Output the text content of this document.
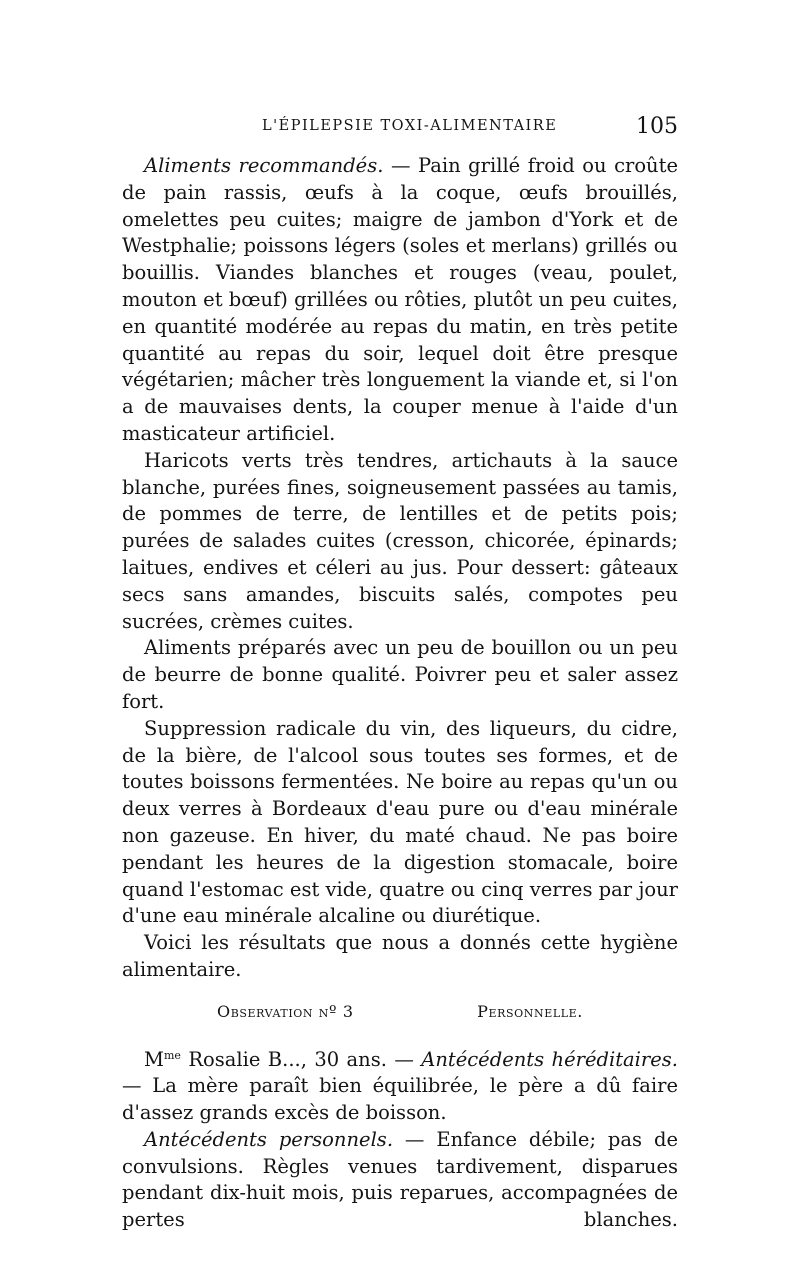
L'ÉPILEPSIE TOXI-ALIMENTAIRE	105

Aliments recommandés. — Pain grillé froid ou croûte de pain rassis, œufs à la coque, œufs brouillés, omelettes peu cuites; maigre de jambon d'York et de Westphalie; poissons légers (soles et merlans) grillés ou bouillis. Viandes blanches et rouges (veau, poulet, mouton et bœuf) grillées ou rôties, plutôt un peu cuites, en quantité modérée au repas du matin, en très petite quantité au repas du soir, lequel doit être presque végétarien; mâcher très longuement la viande et, si l'on a de mauvaises dents, la couper menue à l'aide d'un masticateur artificiel.

Haricots verts très tendres, artichauts à la sauce blanche, purées fines, soigneusement passées au tamis, de pommes de terre, de lentilles et de petits pois; purées de salades cuites (cresson, chicorée, épinards; laitues, endives et céleri au jus. Pour dessert: gâteaux secs sans amandes, biscuits salés, compotes peu sucrées, crèmes cuites.

Aliments préparés avec un peu de bouillon ou un peu de beurre de bonne qualité. Poivrer peu et saler assez fort.

Suppression radicale du vin, des liqueurs, du cidre, de la bière, de l'alcool sous toutes ses formes, et de toutes boissons fermentées. Ne boire au repas qu'un ou deux verres à Bordeaux d'eau pure ou d'eau minérale non gazeuse. En hiver, du maté chaud. Ne pas boire pendant les heures de la digestion stomacale, boire quand l'estomac est vide, quatre ou cinq verres par jour d'une eau minérale alcaline ou diurétique.

Voici les résultats que nous a donnés cette hygiène alimentaire.

Observation nº 3	Personnelle.

$M^{me}$ Rosalie B..., 30 ans. — Antécédents héréditaires. — La mère paraît bien équilibrée, le père a dû faire d'assez grands excès de boisson.

Antécédents personnels. — Enfance débile; pas de convulsions. Règles venues tardivement, disparues pendant dix-huit mois, puis reparues, accompagnées de pertes blanches.
